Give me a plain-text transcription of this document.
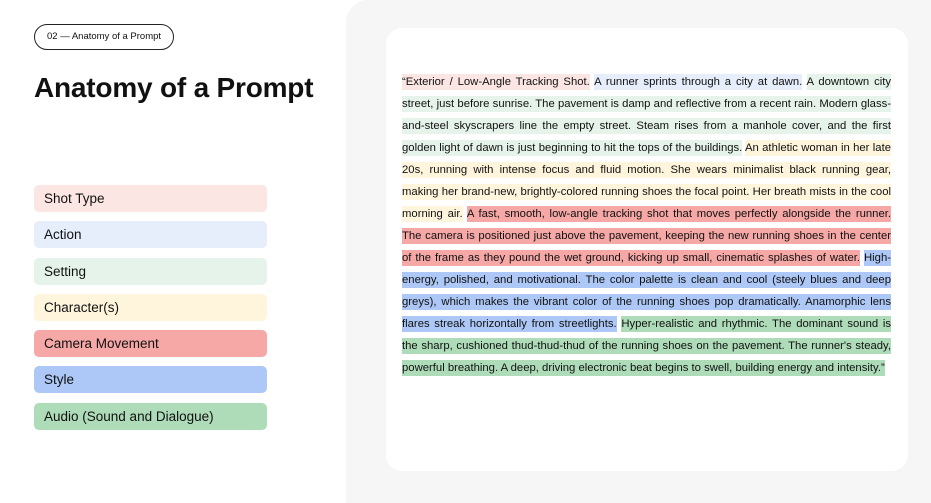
02 — Anatomy of a Prompt
Anatomy of a Prompt
Shot Type
Action
Setting
Character(s)
Camera Movement
Style
Audio (Sound and Dialogue)
“Exterior / Low-Angle Tracking Shot. A runner sprints through a city at dawn. A downtown city street, just before sunrise. The pavement is damp and reflective from a recent rain. Modern glass-and-steel skyscrapers line the empty street. Steam rises from a manhole cover, and the first golden light of dawn is just beginning to hit the tops of the buildings. An athletic woman in her late 20s, running with intense focus and fluid motion. She wears minimalist black running gear, making her brand-new, brightly-colored running shoes the focal point. Her breath mists in the cool morning air. A fast, smooth, low-angle tracking shot that moves perfectly alongside the runner. The camera is positioned just above the pavement, keeping the new running shoes in the center of the frame as they pound the wet ground, kicking up small, cinematic splashes of water. High-energy, polished, and motivational. The color palette is clean and cool (steely blues and deep greys), which makes the vibrant color of the running shoes pop dramatically. Anamorphic lens flares streak horizontally from streetlights. Hyper-realistic and rhythmic. The dominant sound is the sharp, cushioned thud-thud-thud of the running shoes on the pavement. The runner's steady, powerful breathing. A deep, driving electronic beat begins to swell, building energy and intensity.”
